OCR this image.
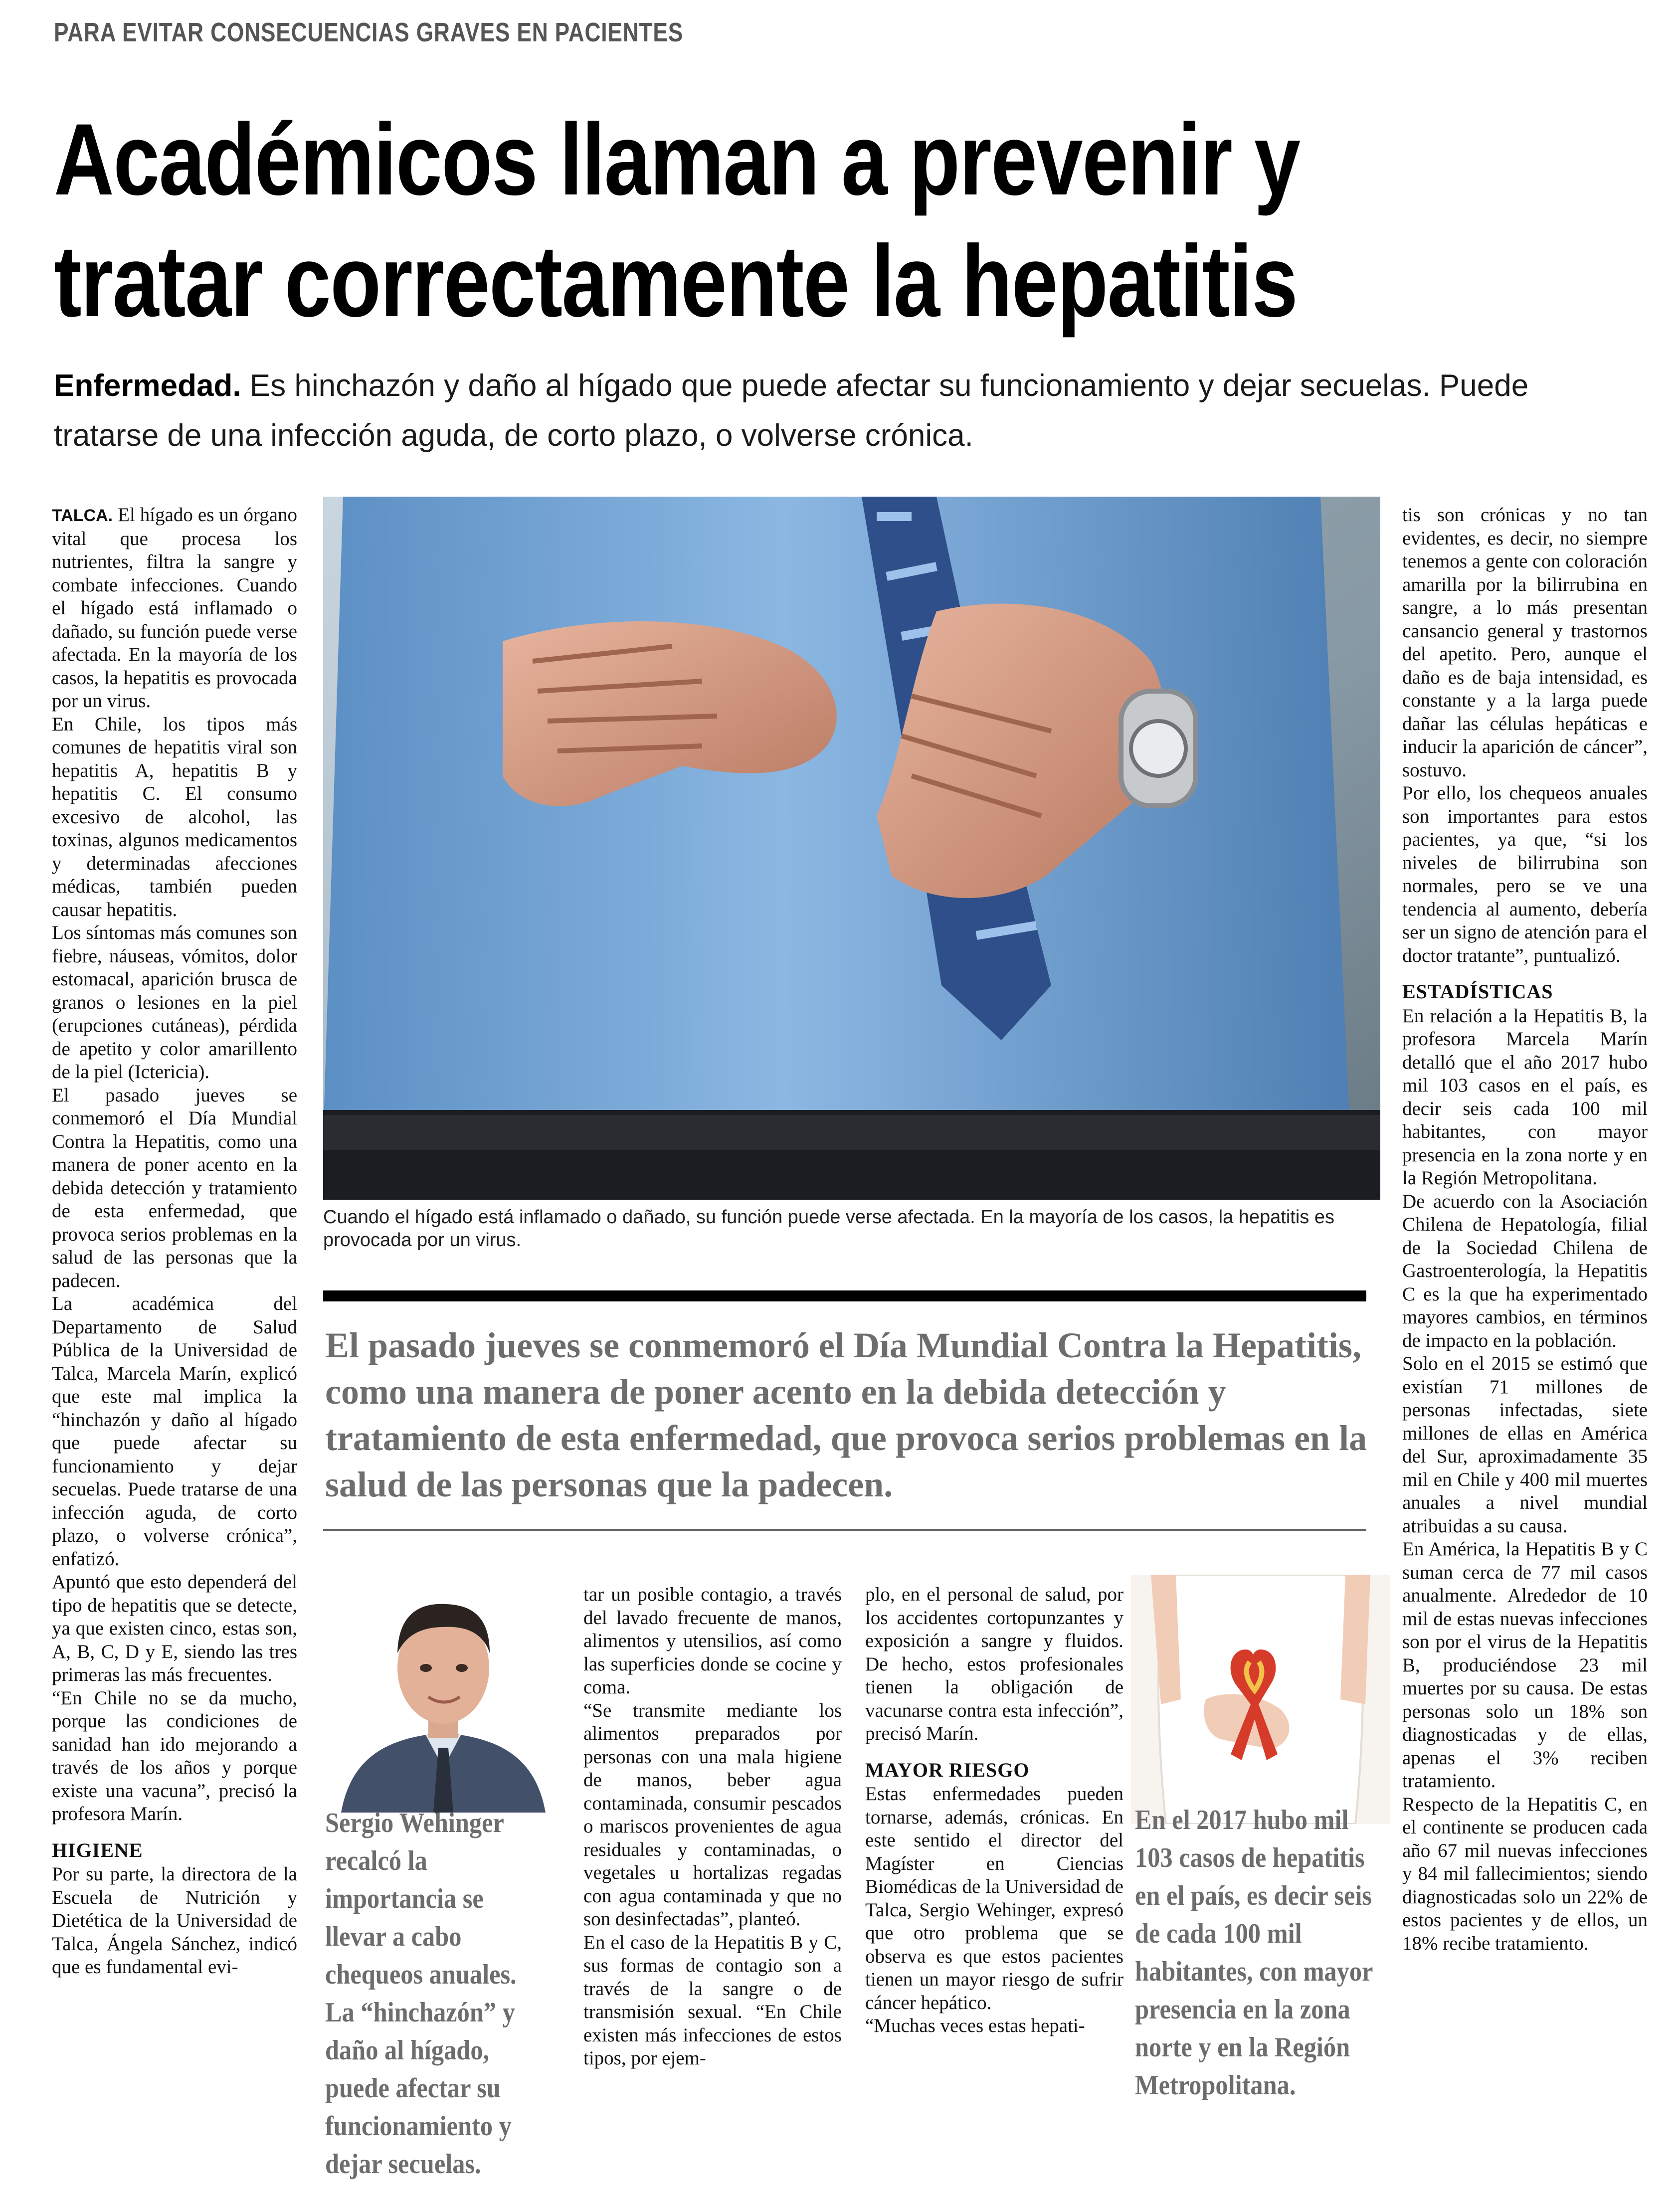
PARA EVITAR CONSECUENCIAS GRAVES EN PACIENTES
Académicos llaman a prevenir y
tratar correctamente la hepatitis
Enfermedad. Es hinchazón y daño al hígado que puede afectar su funcionamiento y dejar secuelas. Puede tratarse de una infección aguda, de corto plazo, o volverse crónica.

TALCA. El hígado es un órgano vital que procesa los nutrientes, filtra la sangre y combate infecciones. Cuando el hígado está inflamado o dañado, su función puede verse afectada. En la mayoría de los casos, la hepatitis es provocada por un virus.

En Chile, los tipos más comunes de hepatitis viral son hepatitis A, hepatitis B y hepatitis C. El consumo excesivo de alcohol, las toxinas, algunos medicamentos y determinadas afecciones médicas, también pueden causar hepatitis.

Los síntomas más comunes son fiebre, náuseas, vómitos, dolor estomacal, aparición brusca de granos o lesiones en la piel (erupciones cutáneas), pérdida de apetito y color amarillento de la piel (Ictericia).

El pasado jueves se conmemoró el Día Mundial Contra la Hepatitis, como una manera de poner acento en la debida detección y tratamiento de esta enfermedad, que provoca serios problemas en la salud de las personas que la padecen.

La académica del Departamento de Salud Pública de la Universidad de Talca, Marcela Marín, explicó que este mal implica la “hinchazón y daño al hígado que puede afectar su funcionamiento y dejar secuelas. Puede tratarse de una infección aguda, de corto plazo, o volverse crónica”, enfatizó.

Apuntó que esto dependerá del tipo de hepatitis que se detecte, ya que existen cinco, estas son, A, B, C, D y E, siendo las tres primeras las más frecuentes.

“En Chile no se da mucho, porque las condiciones de sanidad han ido mejorando a través de los años y porque existe una vacuna”, precisó la profesora Marín.

HIGIENE

Por su parte, la directora de la Escuela de Nutrición y Dietética de la Universidad de Talca, Ángela Sánchez, indicó que es fundamental evi-

Cuando el hígado está inflamado o dañado, su función puede verse afectada. En la mayoría de los casos, la hepatitis es provocada por un virus.
El pasado jueves se conmemoró el Día Mundial Contra la Hepatitis, como una manera de poner acento en la debida detección y tratamiento de esta enfermedad, que provoca serios problemas en la salud de las personas que la padecen.
Sergio Wehinger recalcó la importancia se llevar a cabo chequeos anuales. La “hinchazón” y daño al hígado, puede afectar su funcionamiento y dejar secuelas.

tar un posible contagio, a través del lavado frecuente de manos, alimentos y utensilios, así como las superficies donde se cocine y coma.

“Se transmite mediante los alimentos preparados por personas con una mala higiene de manos, beber agua contaminada, consumir pescados o mariscos provenientes de agua residuales y contaminadas, o vegetales u hortalizas regadas con agua contaminada y que no son desinfectadas”, planteó.

En el caso de la Hepatitis B y C, sus formas de contagio son a través de la sangre o de transmisión sexual. “En Chile existen más infecciones de estos tipos, por ejem-

plo, en el personal de salud, por los accidentes cortopunzantes y exposición a sangre y fluidos. De hecho, estos profesionales tienen la obligación de vacunarse contra esta infección”, precisó Marín.

MAYOR RIESGO

Estas enfermedades pueden tornarse, además, crónicas. En este sentido el director del Magíster en Ciencias Biomédicas de la Universidad de Talca, Sergio Wehinger, expresó que otro problema que se observa es que estos pacientes tienen un mayor riesgo de sufrir cáncer hepático.

“Muchas veces estas hepati-

En el 2017 hubo mil 103 casos de hepatitis en el país, es decir seis de cada 100 mil habitantes, con mayor presencia en la zona norte y en la Región Metropolitana.

tis son crónicas y no tan evidentes, es decir, no siempre tenemos a gente con coloración amarilla por la bilirrubina en sangre, a lo más presentan cansancio general y trastornos del apetito. Pero, aunque el daño es de baja intensidad, es constante y a la larga puede dañar las células hepáticas e inducir la aparición de cáncer”, sostuvo.

Por ello, los chequeos anuales son importantes para estos pacientes, ya que, “si los niveles de bilirrubina son normales, pero se ve una tendencia al aumento, debería ser un signo de atención para el doctor tratante”, puntualizó.

ESTADÍSTICAS

En relación a la Hepatitis B, la profesora Marcela Marín detalló que el año 2017 hubo mil 103 casos en el país, es decir seis cada 100 mil habitantes, con mayor presencia en la zona norte y en la Región Metropolitana.

De acuerdo con la Asociación Chilena de Hepatología, filial de la Sociedad Chilena de Gastroenterología, la Hepatitis C es la que ha experimentado mayores cambios, en términos de impacto en la población.

Solo en el 2015 se estimó que existían 71 millones de personas infectadas, siete millones de ellas en América del Sur, aproximadamente 35 mil en Chile y 400 mil muertes anuales a nivel mundial atribuidas a su causa.

En América, la Hepatitis B y C suman cerca de 77 mil casos anualmente. Alrededor de 10 mil de estas nuevas infecciones son por el virus de la Hepatitis B, produciéndose 23 mil muertes por su causa. De estas personas solo un 18% son diagnosticadas y de ellas, apenas el 3% reciben tratamiento.

Respecto de la Hepatitis C, en el continente se producen cada año 67 mil nuevas infecciones y 84 mil fallecimientos; siendo diagnosticadas solo un 22% de estos pacientes y de ellos, un 18% recibe tratamiento.
